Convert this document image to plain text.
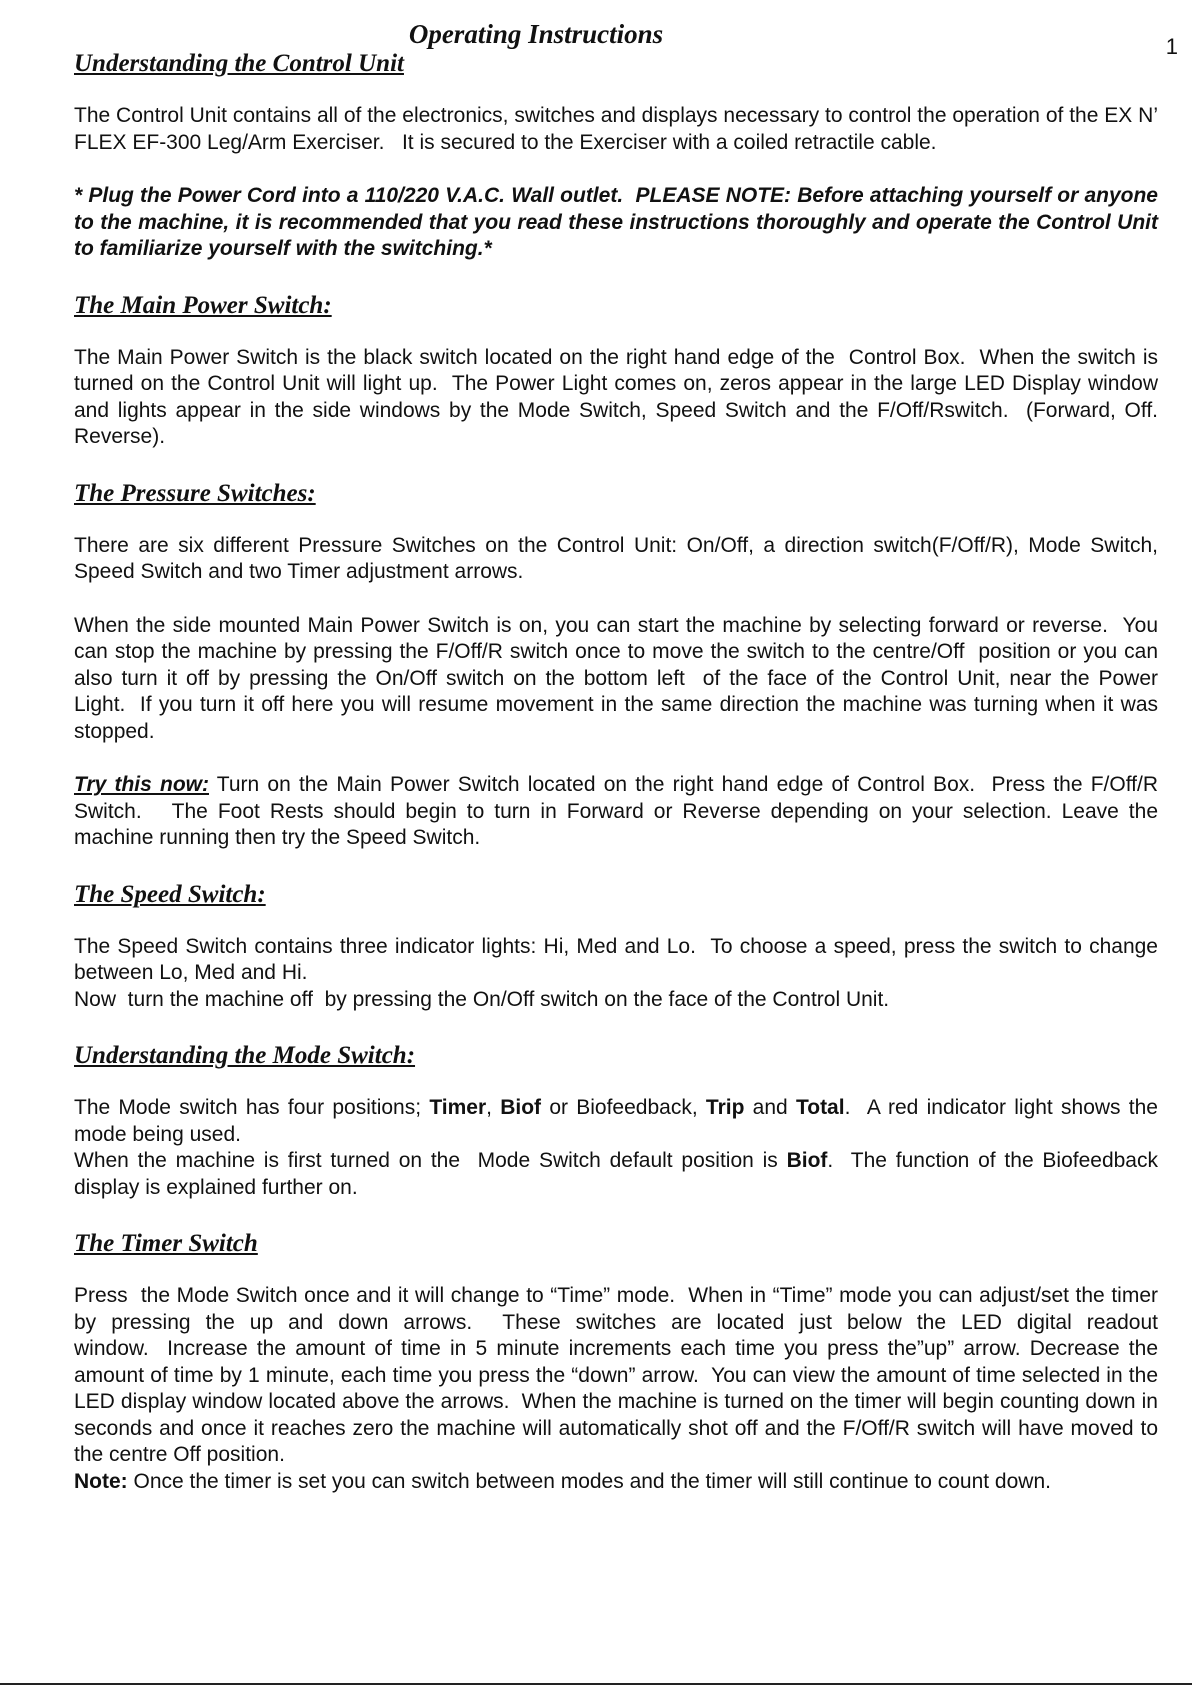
1
Operating Instructions
Understanding the Control Unit

The Control Unit contains all of the electronics, switches and displays necessary to control the operation of the EX N’ FLEX EF-300 Leg/Arm Exerciser.   It is secured to the Exerciser with a coiled retractile cable.

* Plug the Power Cord into a 110/220 V.A.C. Wall outlet.  PLEASE NOTE: Before attaching yourself or anyone to the machine, it is recommended that you read these instructions thoroughly and operate the Control Unit to familiarize yourself with the switching.*

The Main Power Switch:

The Main Power Switch is the black switch located on the right hand edge of the  Control Box.  When the switch is turned on the Control Unit will light up.  The Power Light comes on, zeros appear in the large LED Display window and lights appear in the side windows by the Mode Switch, Speed Switch and the F/Off/Rswitch.  (Forward, Off. Reverse).

The Pressure Switches:

There are six different Pressure Switches on the Control Unit: On/Off, a direction switch(F/Off/R), Mode Switch, Speed Switch and two Timer adjustment arrows.

When the side mounted Main Power Switch is on, you can start the machine by selecting forward or reverse.  You can stop the machine by pressing the F/Off/R switch once to move the switch to the centre/Off  position or you can also turn it off by pressing the On/Off switch on the bottom left  of the face of the Control Unit, near the Power Light.  If you turn it off here you will resume movement in the same direction the machine was turning when it was stopped.

Try this now: Turn on the Main Power Switch located on the right hand edge of Control Box.  Press the F/Off/R Switch.   The Foot Rests should begin to turn in Forward or Reverse depending on your selection. Leave the machine running then try the Speed Switch.

The Speed Switch:

The Speed Switch contains three indicator lights: Hi, Med and Lo.  To choose a speed, press the switch to change between Lo, Med and Hi.

Now  turn the machine off  by pressing the On/Off switch on the face of the Control Unit.

Understanding the Mode Switch:

The Mode switch has four positions; Timer, Biof or Biofeedback, Trip and Total.  A red indicator light shows the mode being used.

When the machine is first turned on the  Mode Switch default position is Biof.  The function of the Biofeedback display is explained further on.

The Timer Switch

Press  the Mode Switch once and it will change to “Time” mode.  When in “Time” mode you can adjust/set the timer by pressing the up and down arrows.  These switches are located just below the LED digital readout window.  Increase the amount of time in 5 minute increments each time you press the”up” arrow. Decrease the amount of time by 1 minute, each time you press the “down” arrow.  You can view the amount of time selected in the LED display window located above the arrows.  When the machine is turned on the timer will begin counting down in seconds and once it reaches zero the machine will automatically shot off and the F/Off/R switch will have moved to the centre Off position.

Note: Once the timer is set you can switch between modes and the timer will still continue to count down.
